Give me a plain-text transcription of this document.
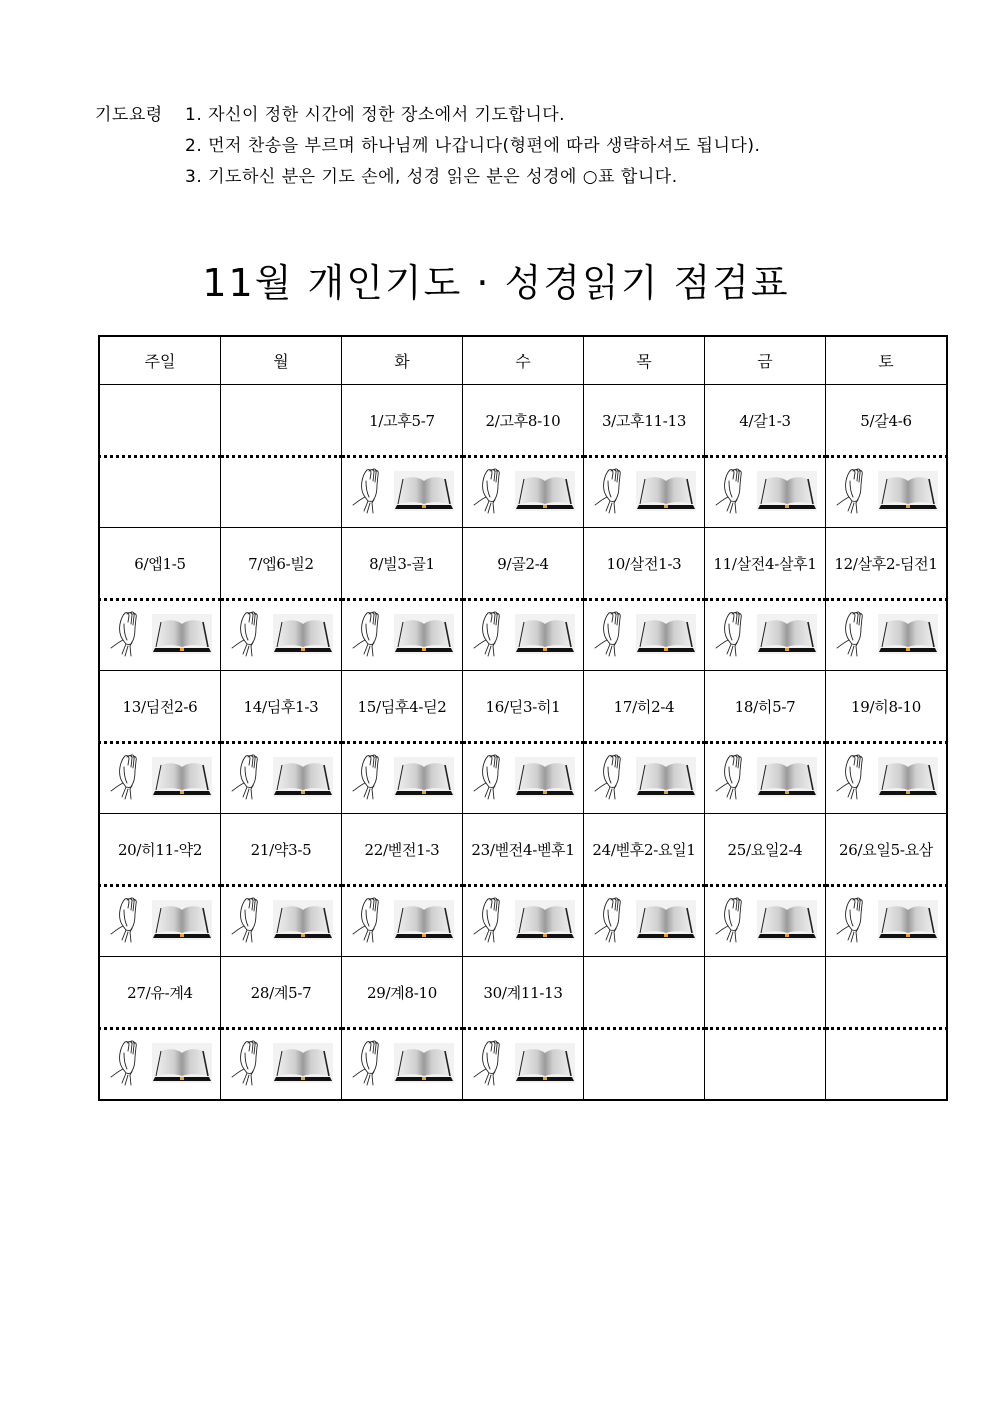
기도요령 1. 자신이 정한 시간에 정한 장소에서 기도합니다.
2. 먼저 찬송을 부르며 하나님께 나갑니다(형편에 따라 생략하셔도 됩니다).
3. 기도하신 분은 기도 손에, 성경 읽은 분은 성경에 ○표 합니다.
11월 개인기도 · 성경읽기 점검표
주일	월	화	수	목	금	토
		1/고후5-7	2/고후8-10	3/고후11-13	4/갈1-3	5/갈4-6

6/엡1-5	7/엡6-빌2	8/빌3-골1	9/골2-4	10/살전1-3	11/살전4-살후1	12/살후2-딤전1

13/딤전2-6	14/딤후1-3	15/딤후4-딛2	16/딛3-히1	17/히2-4	18/히5-7	19/히8-10

20/히11-약2	21/약3-5	22/벧전1-3	23/벧전4-벧후1	24/벧후2-요일1	25/요일2-4	26/요일5-요삼

27/유-계4	28/계5-7	29/계8-10	30/계11-13			
